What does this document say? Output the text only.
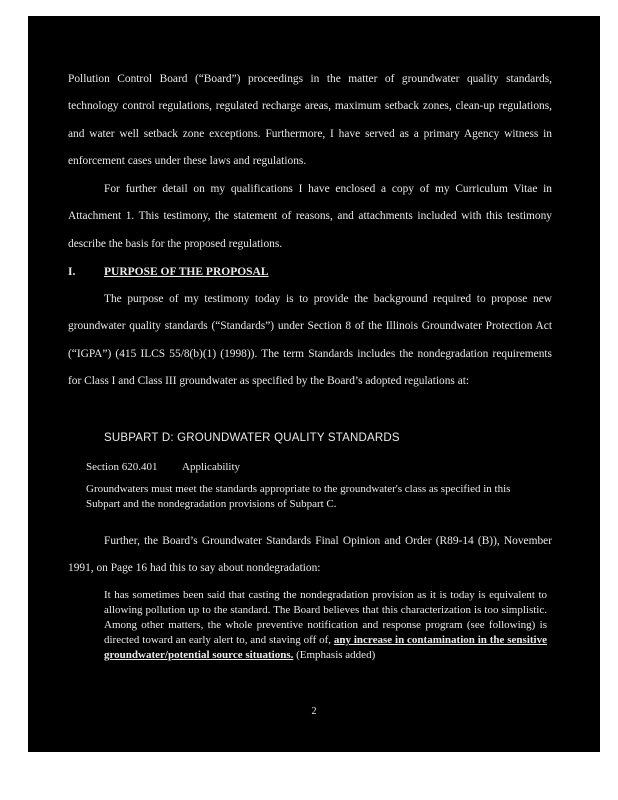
Pollution Control Board (“Board”) proceedings in the matter of groundwater quality standards, technology control regulations, regulated recharge areas, maximum setback zones, clean-up regulations, and water well setback zone exceptions. Furthermore, I have served as a primary Agency witness in enforcement cases under these laws and regulations.

For further detail on my qualifications I have enclosed a copy of my Curriculum Vitae in Attachment 1. This testimony, the statement of reasons, and attachments included with this testimony describe the basis for the proposed regulations.

I. PURPOSE OF THE PROPOSAL

The purpose of my testimony today is to provide the background required to propose new groundwater quality standards (“Standards”) under Section 8 of the Illinois Groundwater Protection Act (“IGPA”) (415 ILCS 55/8(b)(1) (1998)). The term Standards includes the nondegradation requirements for Class I and Class III groundwater as specified by the Board’s adopted regulations at:

SUBPART D: GROUNDWATER QUALITY STANDARDS
Section 620.401 Applicability

Groundwaters must meet the standards appropriate to the groundwater's class as specified in this Subpart and the nondegradation provisions of Subpart C.

Further, the Board’s Groundwater Standards Final Opinion and Order (R89-14 (B)), November 1991, on Page 16 had this to say about nondegradation:

It has sometimes been said that casting the nondegradation provision as it is today is equivalent to allowing pollution up to the standard. The Board believes that this characterization is too simplistic. Among other matters, the whole preventive notification and response program (see following) is directed toward an early alert to, and staving off of, any increase in contamination in the sensitive groundwater/potential source situations. (Emphasis added)

2
